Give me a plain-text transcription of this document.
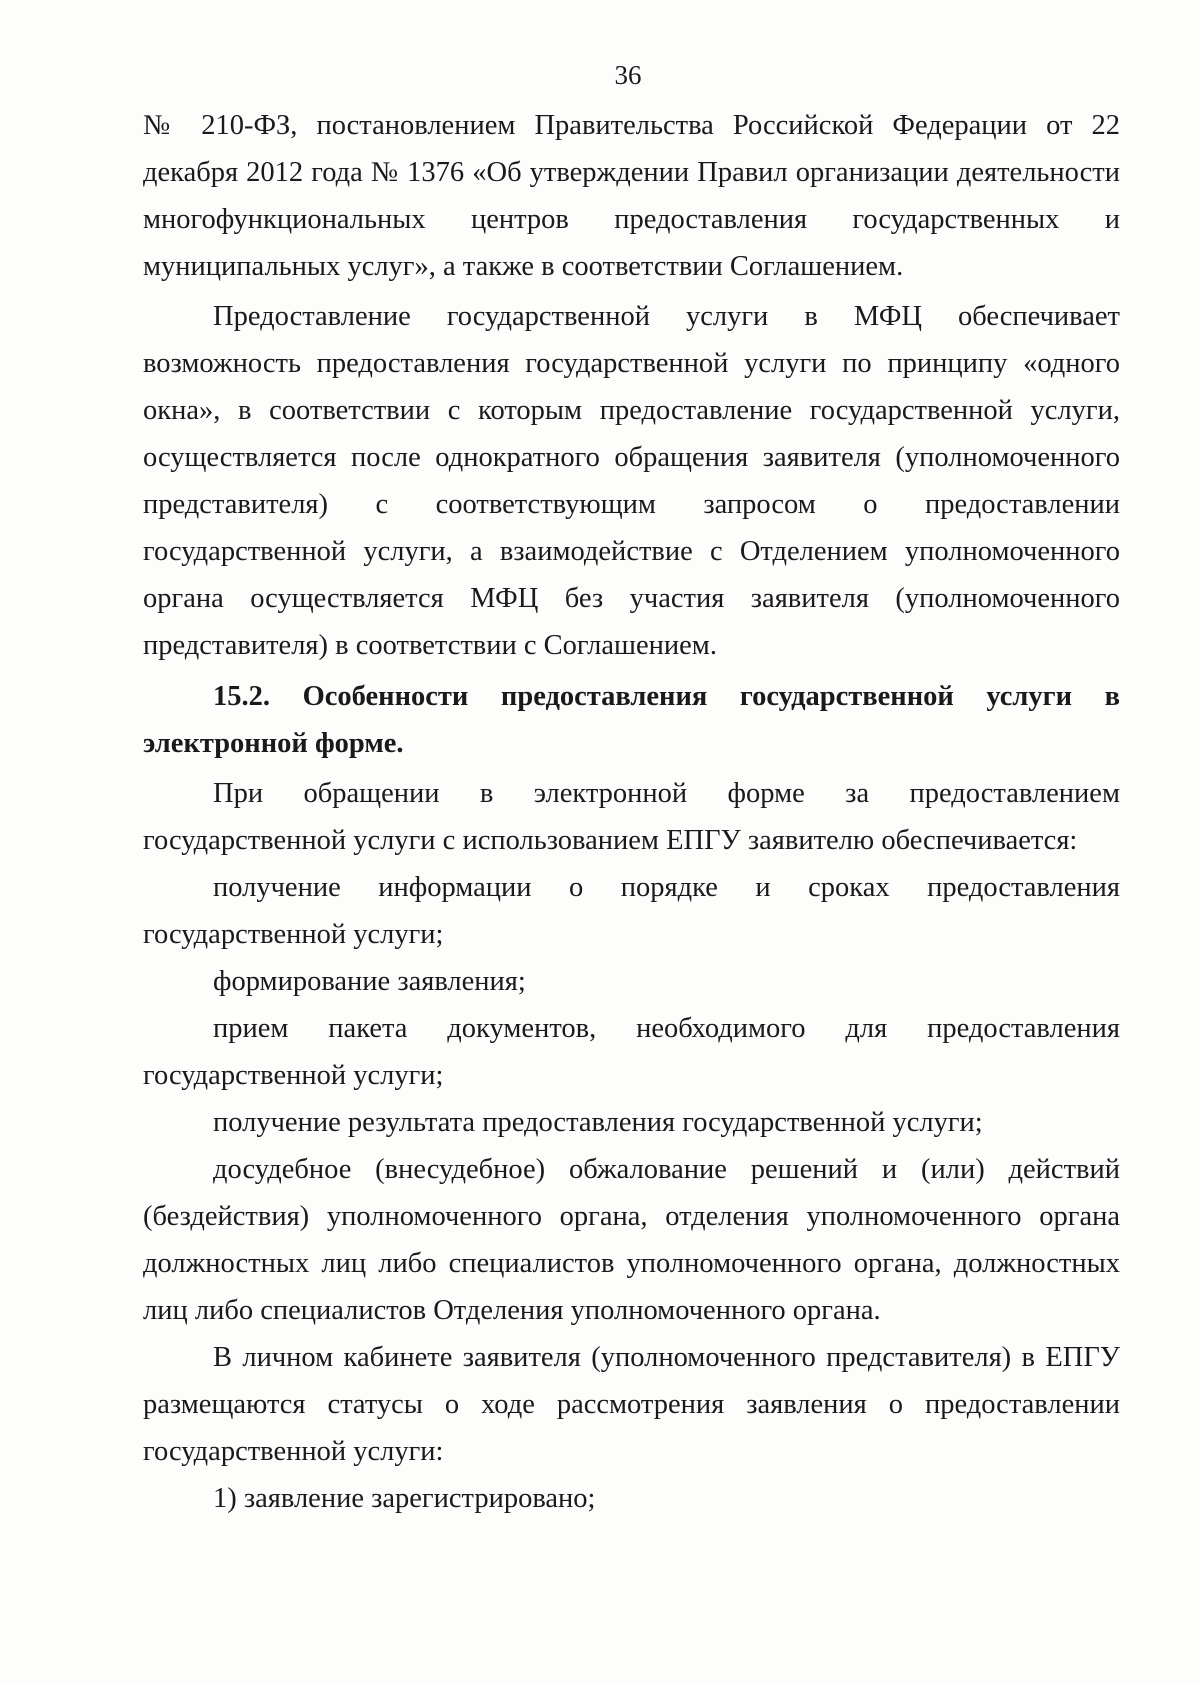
36

№ 210-ФЗ, постановлением Правительства Российской Федерации от 22 декабря 2012 года № 1376 «Об утверждении Правил организации деятельности многофункциональных центров предоставления государственных и муниципальных услуг», а также в соответствии Соглашением.

Предоставление государственной услуги в МФЦ обеспечивает возможность предоставления государственной услуги по принципу «одного окна», в соответствии с которым предоставление государственной услуги, осуществляется после однократного обращения заявителя (уполномоченного представителя) с соответствующим запросом о предоставлении государственной услуги, а взаимодействие с Отделением уполномоченного органа осуществляется МФЦ без участия заявителя (уполномоченного представителя) в соответствии с Соглашением.

15.2. Особенности предоставления государственной услуги в электронной форме.

При обращении в электронной форме за предоставлением государственной услуги с использованием ЕПГУ заявителю обеспечивается:

получение информации о порядке и сроках предоставления государственной услуги;

формирование заявления;

прием пакета документов, необходимого для предоставления государственной услуги;

получение результата предоставления государственной услуги;

досудебное (внесудебное) обжалование решений и (или) действий (бездействия) уполномоченного органа, отделения уполномоченного органа должностных лиц либо специалистов уполномоченного органа, должностных лиц либо специалистов Отделения уполномоченного органа.

В личном кабинете заявителя (уполномоченного представителя) в ЕПГУ размещаются статусы о ходе рассмотрения заявления о предоставлении государственной услуги:

1) заявление зарегистрировано;
